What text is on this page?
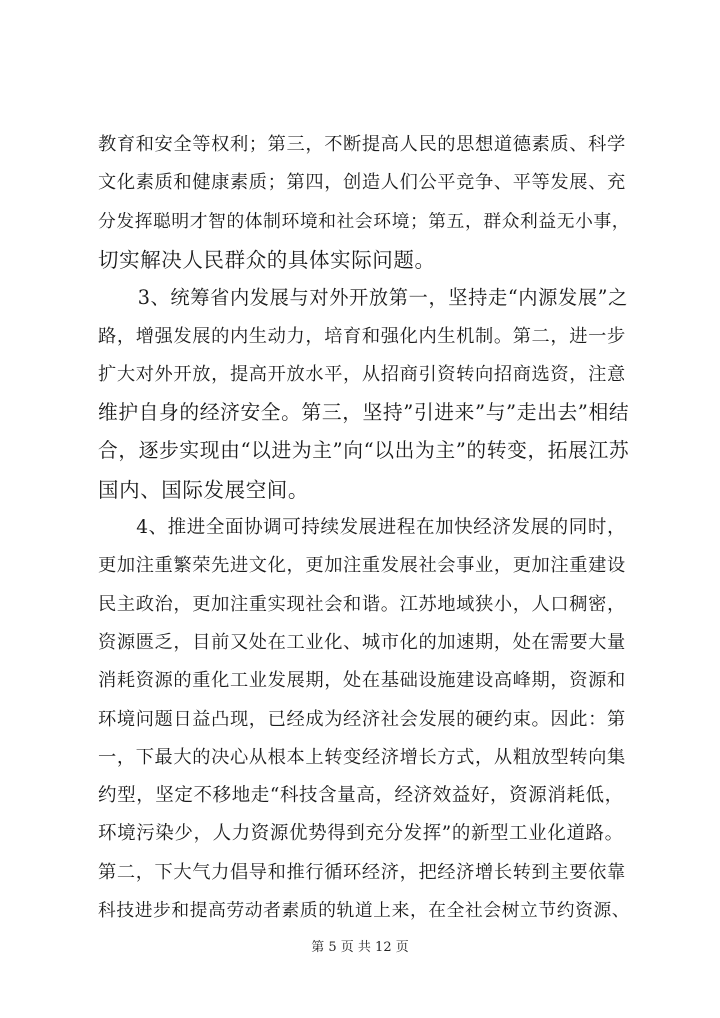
教育和安全等权利；第三，不断提高人民的思想道德素质、科学
文化素质和健康素质；第四，创造人们公平竞争、平等发展、充
分发挥聪明才智的体制环境和社会环境；第五，群众利益无小事，
切实解决人民群众的具体实际问题。
　　3、统筹省内发展与对外开放第一，坚持走“内源发展”之
路，增强发展的内生动力，培育和强化内生机制。第二，进一步
扩大对外开放，提高开放水平，从招商引资转向招商选资，注意
维护自身的经济安全。第三，坚持”引进来”与”走出去”相结
合，逐步实现由“以进为主”向“以出为主”的转变，拓展江苏
国内、国际发展空间。
　　4、推进全面协调可持续发展进程在加快经济发展的同时，
更加注重繁荣先进文化，更加注重发展社会事业，更加注重建设
民主政治，更加注重实现社会和谐。江苏地域狭小，人口稠密，
资源匮乏，目前又处在工业化、城市化的加速期，处在需要大量
消耗资源的重化工业发展期，处在基础设施建设高峰期，资源和
环境问题日益凸现，已经成为经济社会发展的硬约束。因此：第
一，下最大的决心从根本上转变经济增长方式，从粗放型转向集
约型，坚定不移地走“科技含量高，经济效益好，资源消耗低，
环境污染少，人力资源优势得到充分发挥”的新型工业化道路。
第二，下大气力倡导和推行循环经济，把经济增长转到主要依靠
科技进步和提高劳动者素质的轨道上来，在全社会树立节约资源、
第 5 页 共 12 页
